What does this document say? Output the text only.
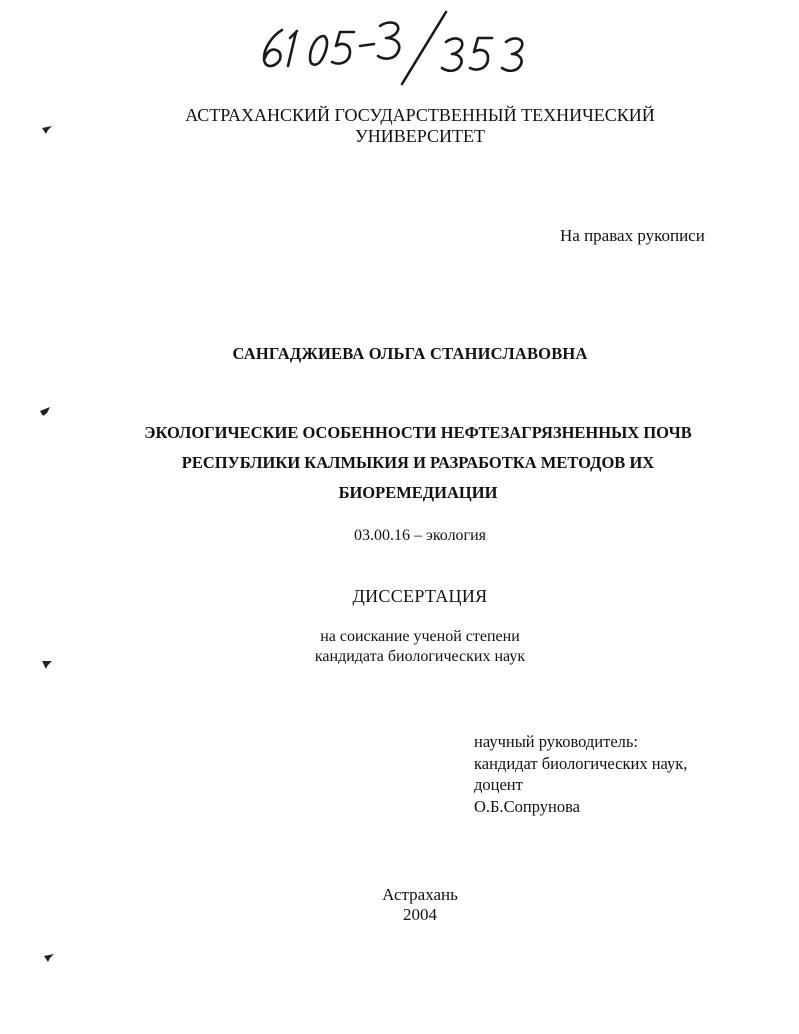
АСТРАХАНСКИЙ ГОСУДАРСТВЕННЫЙ ТЕХНИЧЕСКИЙ
УНИВЕРСИТЕТ
На правах рукописи
САНГАДЖИЕВА ОЛЬГА СТАНИСЛАВОВНА
ЭКОЛОГИЧЕСКИЕ ОСОБЕННОСТИ НЕФТЕЗАГРЯЗНЕННЫХ ПОЧВ
РЕСПУБЛИКИ КАЛМЫКИЯ И РАЗРАБОТКА МЕТОДОВ ИХ
БИОРЕМЕДИАЦИИ
03.00.16 – экология
ДИССЕРТАЦИЯ
на соискание ученой степени
кандидата биологических наук
научный руководитель:
кандидат биологических наук,
доцент
О.Б.Сопрунова
Астрахань
2004
